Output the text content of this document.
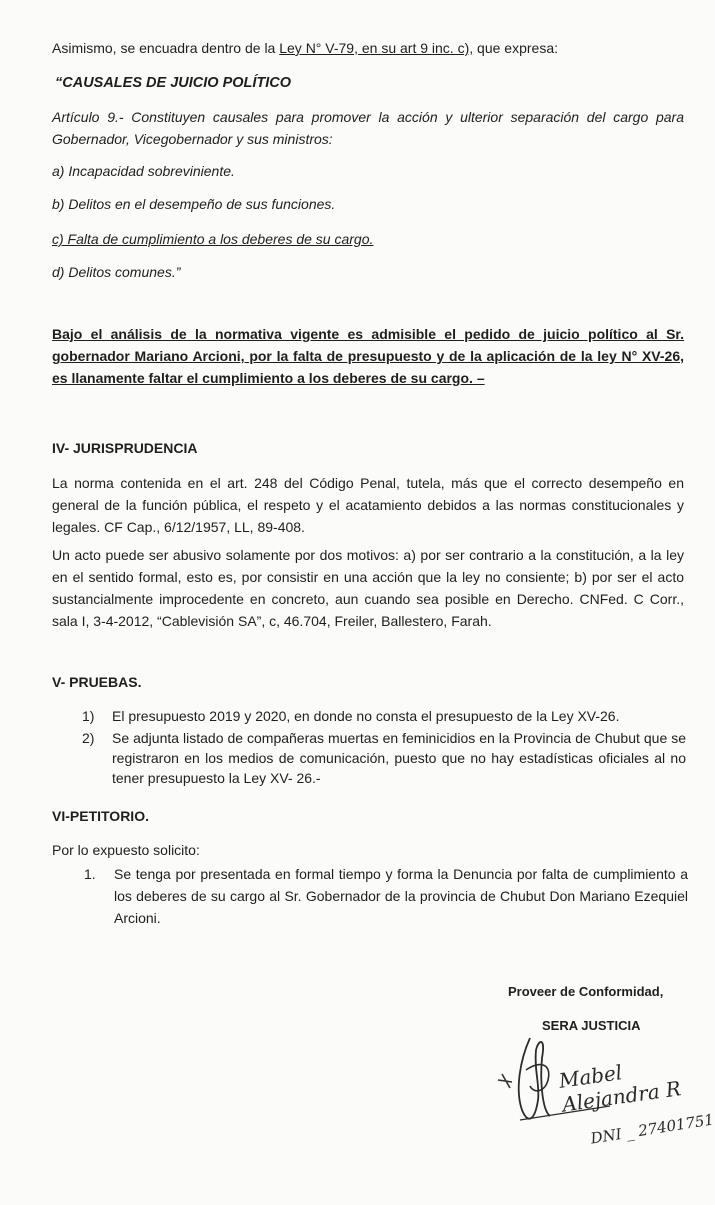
Asimismo, se encuadra dentro de la Ley N° V-79, en su art 9 inc. c), que expresa:

“CAUSALES DE JUICIO POLÍTICO

Artículo 9.- Constituyen causales para promover la acción y ulterior separación del cargo para Gobernador, Vicegobernador y sus ministros:

a) Incapacidad sobreviniente.

b) Delitos en el desempeño de sus funciones.

c) Falta de cumplimiento a los deberes de su cargo.

d) Delitos comunes.”

Bajo el análisis de la normativa vigente es admisible el pedido de juicio político al Sr. gobernador Mariano Arcioni, por la falta de presupuesto y de la aplicación de la ley N° XV-26, es llanamente faltar el cumplimiento a los deberes de su cargo. –

IV- JURISPRUDENCIA

La norma contenida en el art. 248 del Código Penal, tutela, más que el correcto desempeño en general de la función pública, el respeto y el acatamiento debidos a las normas constitucionales y legales. CF Cap., 6/12/1957, LL, 89-408.

Un acto puede ser abusivo solamente por dos motivos: a) por ser contrario a la constitución, a la ley en el sentido formal, esto es, por consistir en una acción que la ley no consiente; b) por ser el acto sustancialmente improcedente en concreto, aun cuando sea posible en Derecho. CNFed. C Corr., sala I, 3-4-2012, “Cablevisión SA”, c, 46.704, Freiler, Ballestero, Farah.

V- PRUEBAS.

1) El presupuesto 2019 y 2020, en donde no consta el presupuesto de la Ley XV-26.
2) Se adjunta listado de compañeras muertas en feminicidios en la Provincia de Chubut que se registraron en los medios de comunicación, puesto que no hay estadísticas oficiales al no tener presupuesto la Ley XV- 26.-

VI-PETITORIO.

Por lo expuesto solicito:

1. Se tenga por presentada en formal tiempo y forma la Denuncia por falta de cumplimiento a los deberes de su cargo al Sr. Gobernador de la provincia de Chubut Don Mariano Ezequiel Arcioni.

Proveer de Conformidad,

SERA JUSTICIA

Mabel Alejandra R
DNI _ 27401751
